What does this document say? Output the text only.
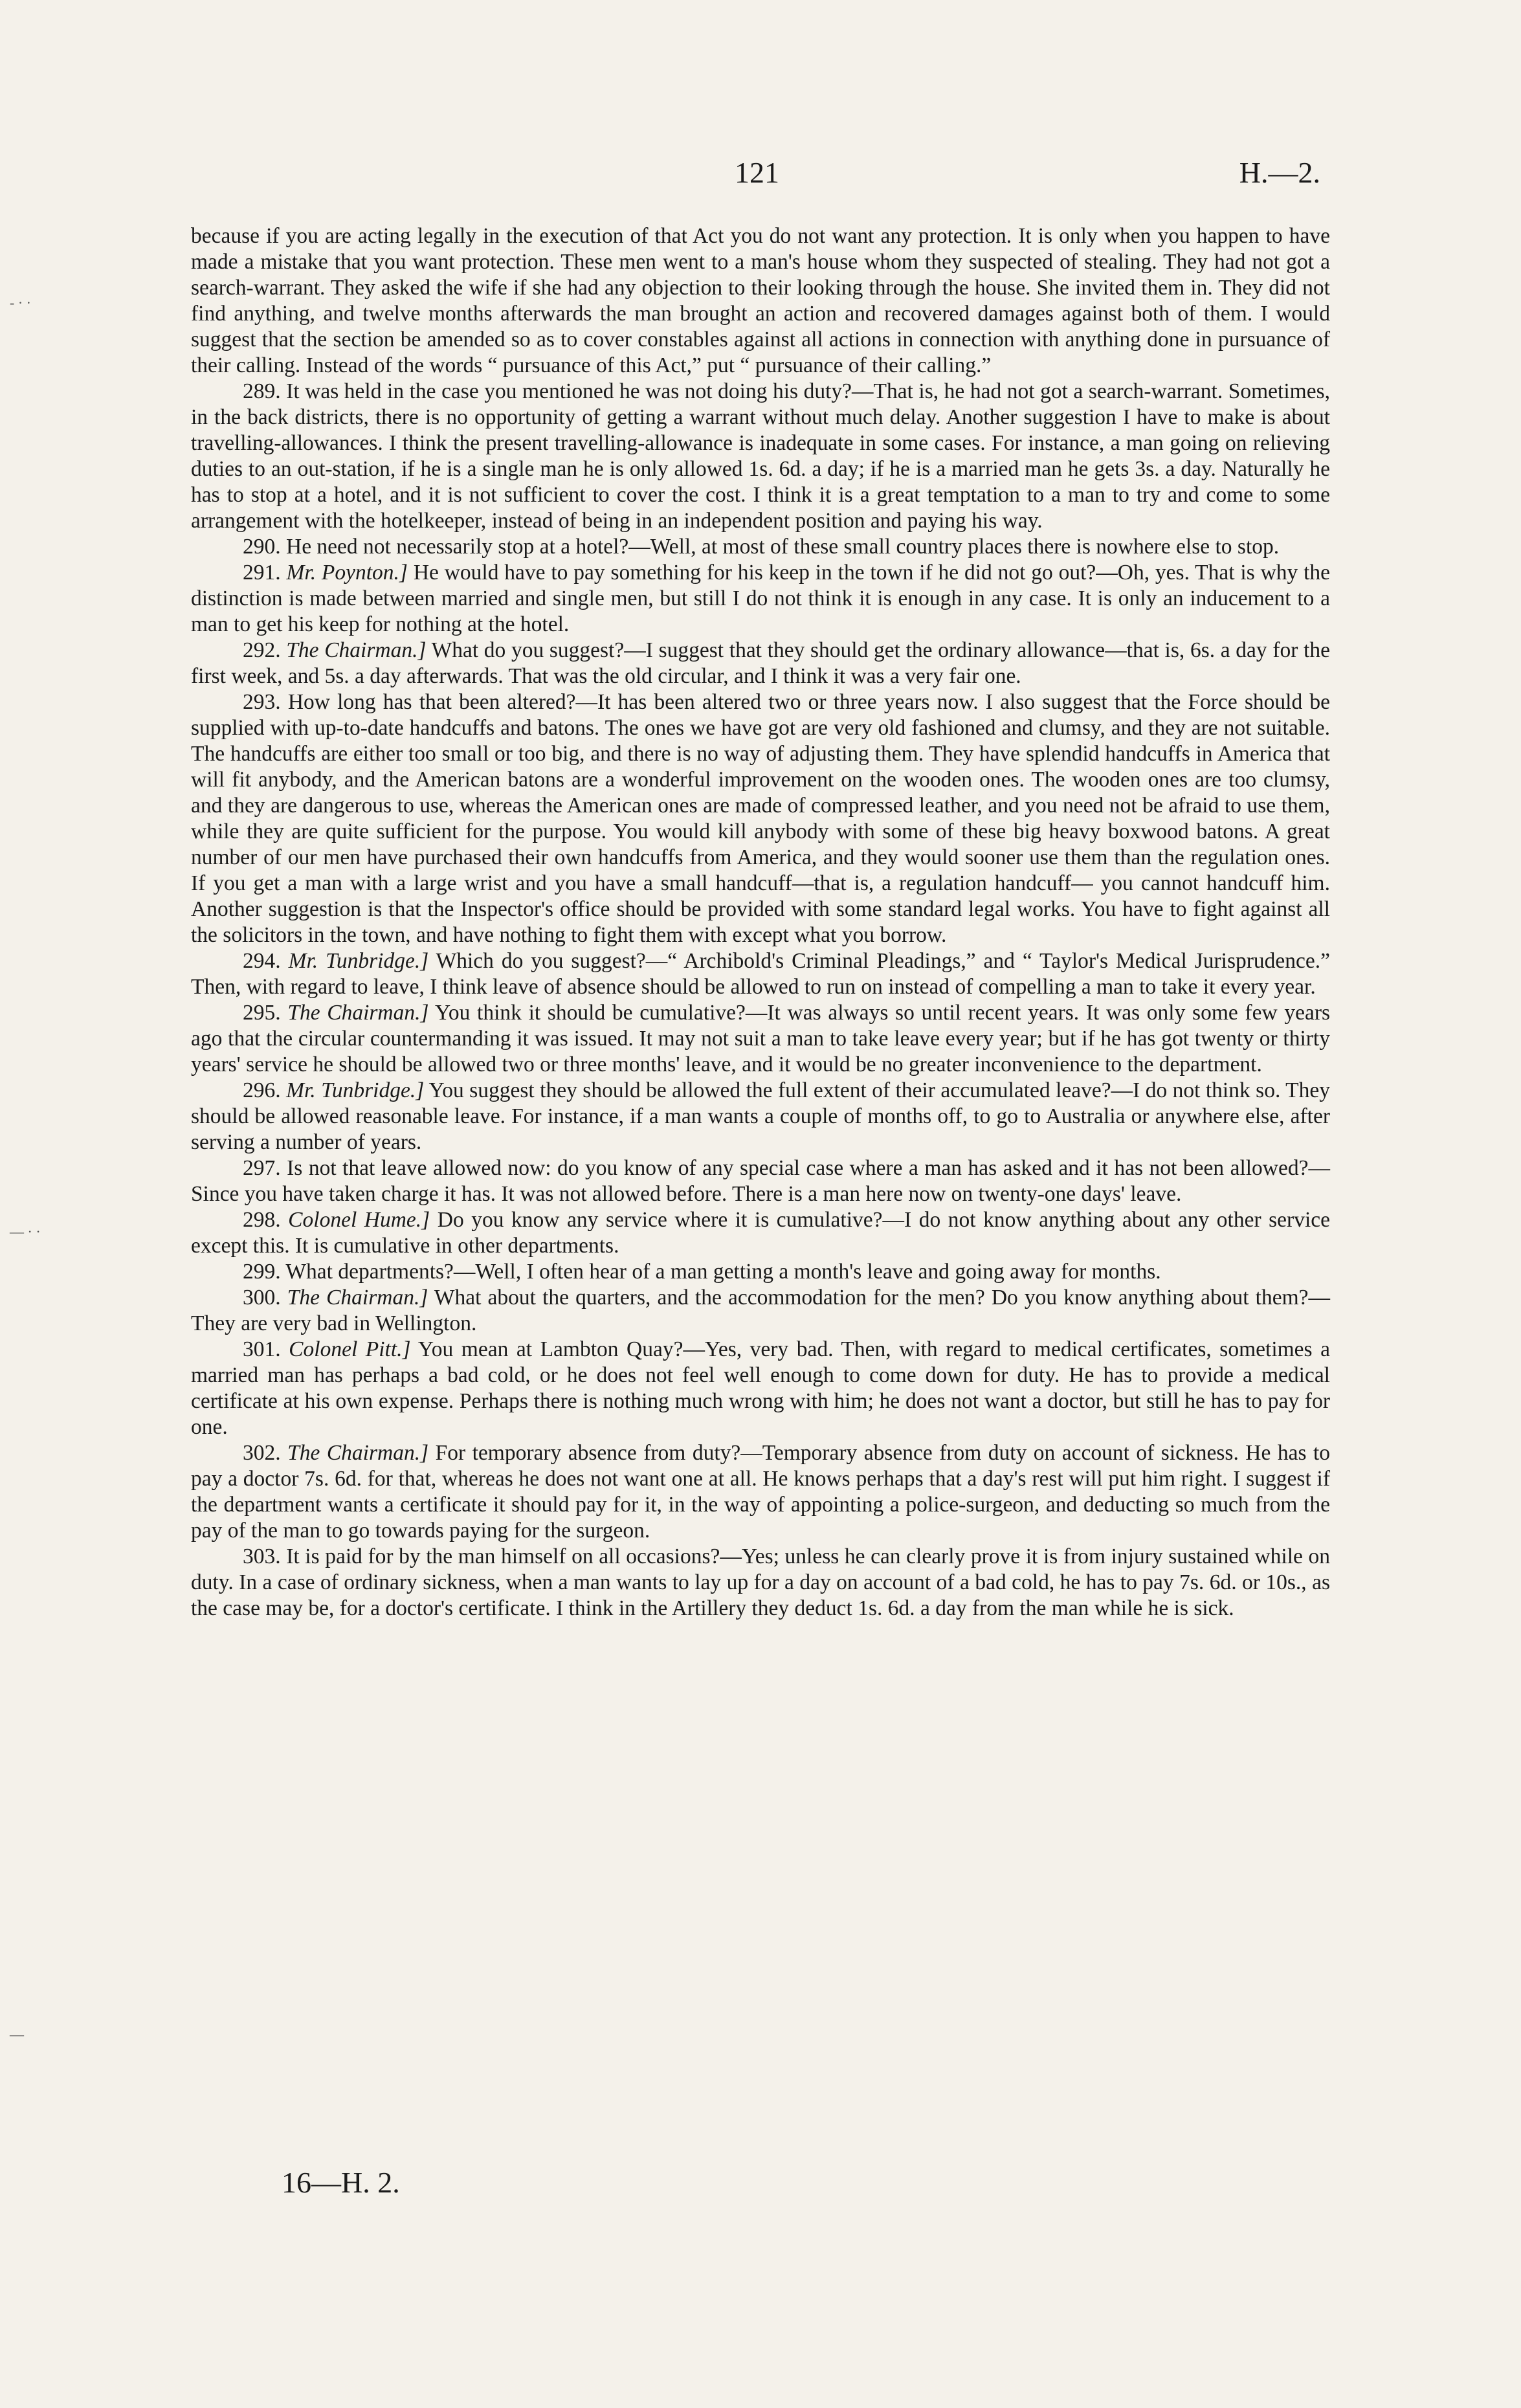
121	H.—2.

because if you are acting legally in the execution of that Act you do not want any protection. It is only when you happen to have made a mistake that you want protection. These men went to a man's house whom they suspected of stealing. They had not got a search-warrant. They asked the wife if she had any objection to their looking through the house. She invited them in. They did not find anything, and twelve months afterwards the man brought an action and recovered damages against both of them. I would suggest that the section be amended so as to cover constables against all actions in connection with anything done in pursuance of their calling. Instead of the words “ pursuance of this Act,” put “ pursuance of their calling.”

289. It was held in the case you mentioned he was not doing his duty?—That is, he had not got a search-warrant. Sometimes, in the back districts, there is no opportunity of getting a warrant without much delay. Another suggestion I have to make is about travelling-allowances. I think the present travelling-allowance is inadequate in some cases. For instance, a man going on relieving duties to an out-station, if he is a single man he is only allowed 1s. 6d. a day; if he is a married man he gets 3s. a day. Naturally he has to stop at a hotel, and it is not sufficient to cover the cost. I think it is a great temptation to a man to try and come to some arrangement with the hotelkeeper, instead of being in an independent position and paying his way.

290. He need not necessarily stop at a hotel?—Well, at most of these small country places there is nowhere else to stop.

291. Mr. Poynton.] He would have to pay something for his keep in the town if he did not go out?—Oh, yes. That is why the distinction is made between married and single men, but still I do not think it is enough in any case. It is only an inducement to a man to get his keep for nothing at the hotel.

292. The Chairman.] What do you suggest?—I suggest that they should get the ordinary allowance—that is, 6s. a day for the first week, and 5s. a day afterwards. That was the old circular, and I think it was a very fair one.

293. How long has that been altered?—It has been altered two or three years now. I also suggest that the Force should be supplied with up-to-date handcuffs and batons. The ones we have got are very old fashioned and clumsy, and they are not suitable. The handcuffs are either too small or too big, and there is no way of adjusting them. They have splendid handcuffs in America that will fit anybody, and the American batons are a wonderful improvement on the wooden ones. The wooden ones are too clumsy, and they are dangerous to use, whereas the American ones are made of compressed leather, and you need not be afraid to use them, while they are quite sufficient for the purpose. You would kill anybody with some of these big heavy boxwood batons. A great number of our men have purchased their own handcuffs from America, and they would sooner use them than the regulation ones. If you get a man with a large wrist and you have a small handcuff—that is, a regulation handcuff— you cannot handcuff him. Another suggestion is that the Inspector's office should be provided with some standard legal works. You have to fight against all the solicitors in the town, and have nothing to fight them with except what you borrow.

294. Mr. Tunbridge.] Which do you suggest?—“ Archibold's Criminal Pleadings,” and “ Taylor's Medical Jurisprudence.” Then, with regard to leave, I think leave of absence should be allowed to run on instead of compelling a man to take it every year.

295. The Chairman.] You think it should be cumulative?—It was always so until recent years. It was only some few years ago that the circular countermanding it was issued. It may not suit a man to take leave every year; but if he has got twenty or thirty years' service he should be allowed two or three months' leave, and it would be no greater inconvenience to the department.

296. Mr. Tunbridge.] You suggest they should be allowed the full extent of their accumulated leave?—I do not think so. They should be allowed reasonable leave. For instance, if a man wants a couple of months off, to go to Australia or anywhere else, after serving a number of years.

297. Is not that leave allowed now: do you know of any special case where a man has asked and it has not been allowed?—Since you have taken charge it has. It was not allowed before. There is a man here now on twenty-one days' leave.

298. Colonel Hume.] Do you know any service where it is cumulative?—I do not know anything about any other service except this. It is cumulative in other departments.

299. What departments?—Well, I often hear of a man getting a month's leave and going away for months.

300. The Chairman.] What about the quarters, and the accommodation for the men? Do you know anything about them?—They are very bad in Wellington.

301. Colonel Pitt.] You mean at Lambton Quay?—Yes, very bad. Then, with regard to medical certificates, sometimes a married man has perhaps a bad cold, or he does not feel well enough to come down for duty. He has to provide a medical certificate at his own expense. Perhaps there is nothing much wrong with him; he does not want a doctor, but still he has to pay for one.

302. The Chairman.] For temporary absence from duty?—Temporary absence from duty on account of sickness. He has to pay a doctor 7s. 6d. for that, whereas he does not want one at all. He knows perhaps that a day's rest will put him right. I suggest if the department wants a certificate it should pay for it, in the way of appointing a police-surgeon, and deducting so much from the pay of the man to go towards paying for the surgeon.

303. It is paid for by the man himself on all occasions?—Yes; unless he can clearly prove it is from injury sustained while on duty. In a case of ordinary sickness, when a man wants to lay up for a day on account of a bad cold, he has to pay 7s. 6d. or 10s., as the case may be, for a doctor's certificate. I think in the Artillery they deduct 1s. 6d. a day from the man while he is sick.

16—H. 2.
- · ·
— · ·
—
